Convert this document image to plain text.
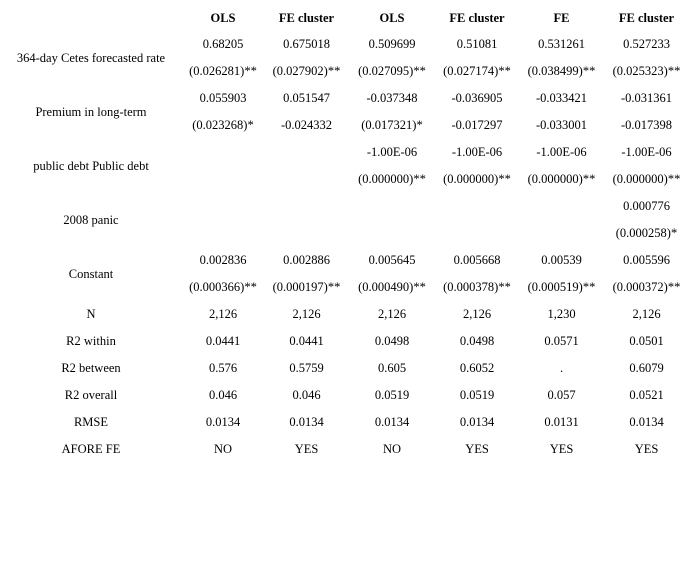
	OLS	FE cluster	OLS	FE cluster	FE	FE cluster
364-day Cetes forecasted rate	0.68205	0.675018	0.509699	0.51081	0.531261	0.527233
	(0.026281)**	(0.027902)**	(0.027095)**	(0.027174)**	(0.038499)**	(0.025323)**
Premium in long-term	0.055903	0.051547	-0.037348	-0.036905	-0.033421	-0.031361
	(0.023268)*	-0.024332	(0.017321)*	-0.017297	-0.033001	-0.017398
public debt Public debt			-1.00E-06	-1.00E-06	-1.00E-06	-1.00E-06
			(0.000000)**	(0.000000)**	(0.000000)**	(0.000000)**
2008 panic						0.000776
						(0.000258)*
Constant	0.002836	0.002886	0.005645	0.005668	0.00539	0.005596
	(0.000366)**	(0.000197)**	(0.000490)**	(0.000378)**	(0.000519)**	(0.000372)**
N	2,126	2,126	2,126	2,126	1,230	2,126
R2 within	0.0441	0.0441	0.0498	0.0498	0.0571	0.0501
R2 between	0.576	0.5759	0.605	0.6052	.	0.6079
R2 overall	0.046	0.046	0.0519	0.0519	0.057	0.0521
RMSE	0.0134	0.0134	0.0134	0.0134	0.0131	0.0134
AFORE FE	NO	YES	NO	YES	YES	YES
